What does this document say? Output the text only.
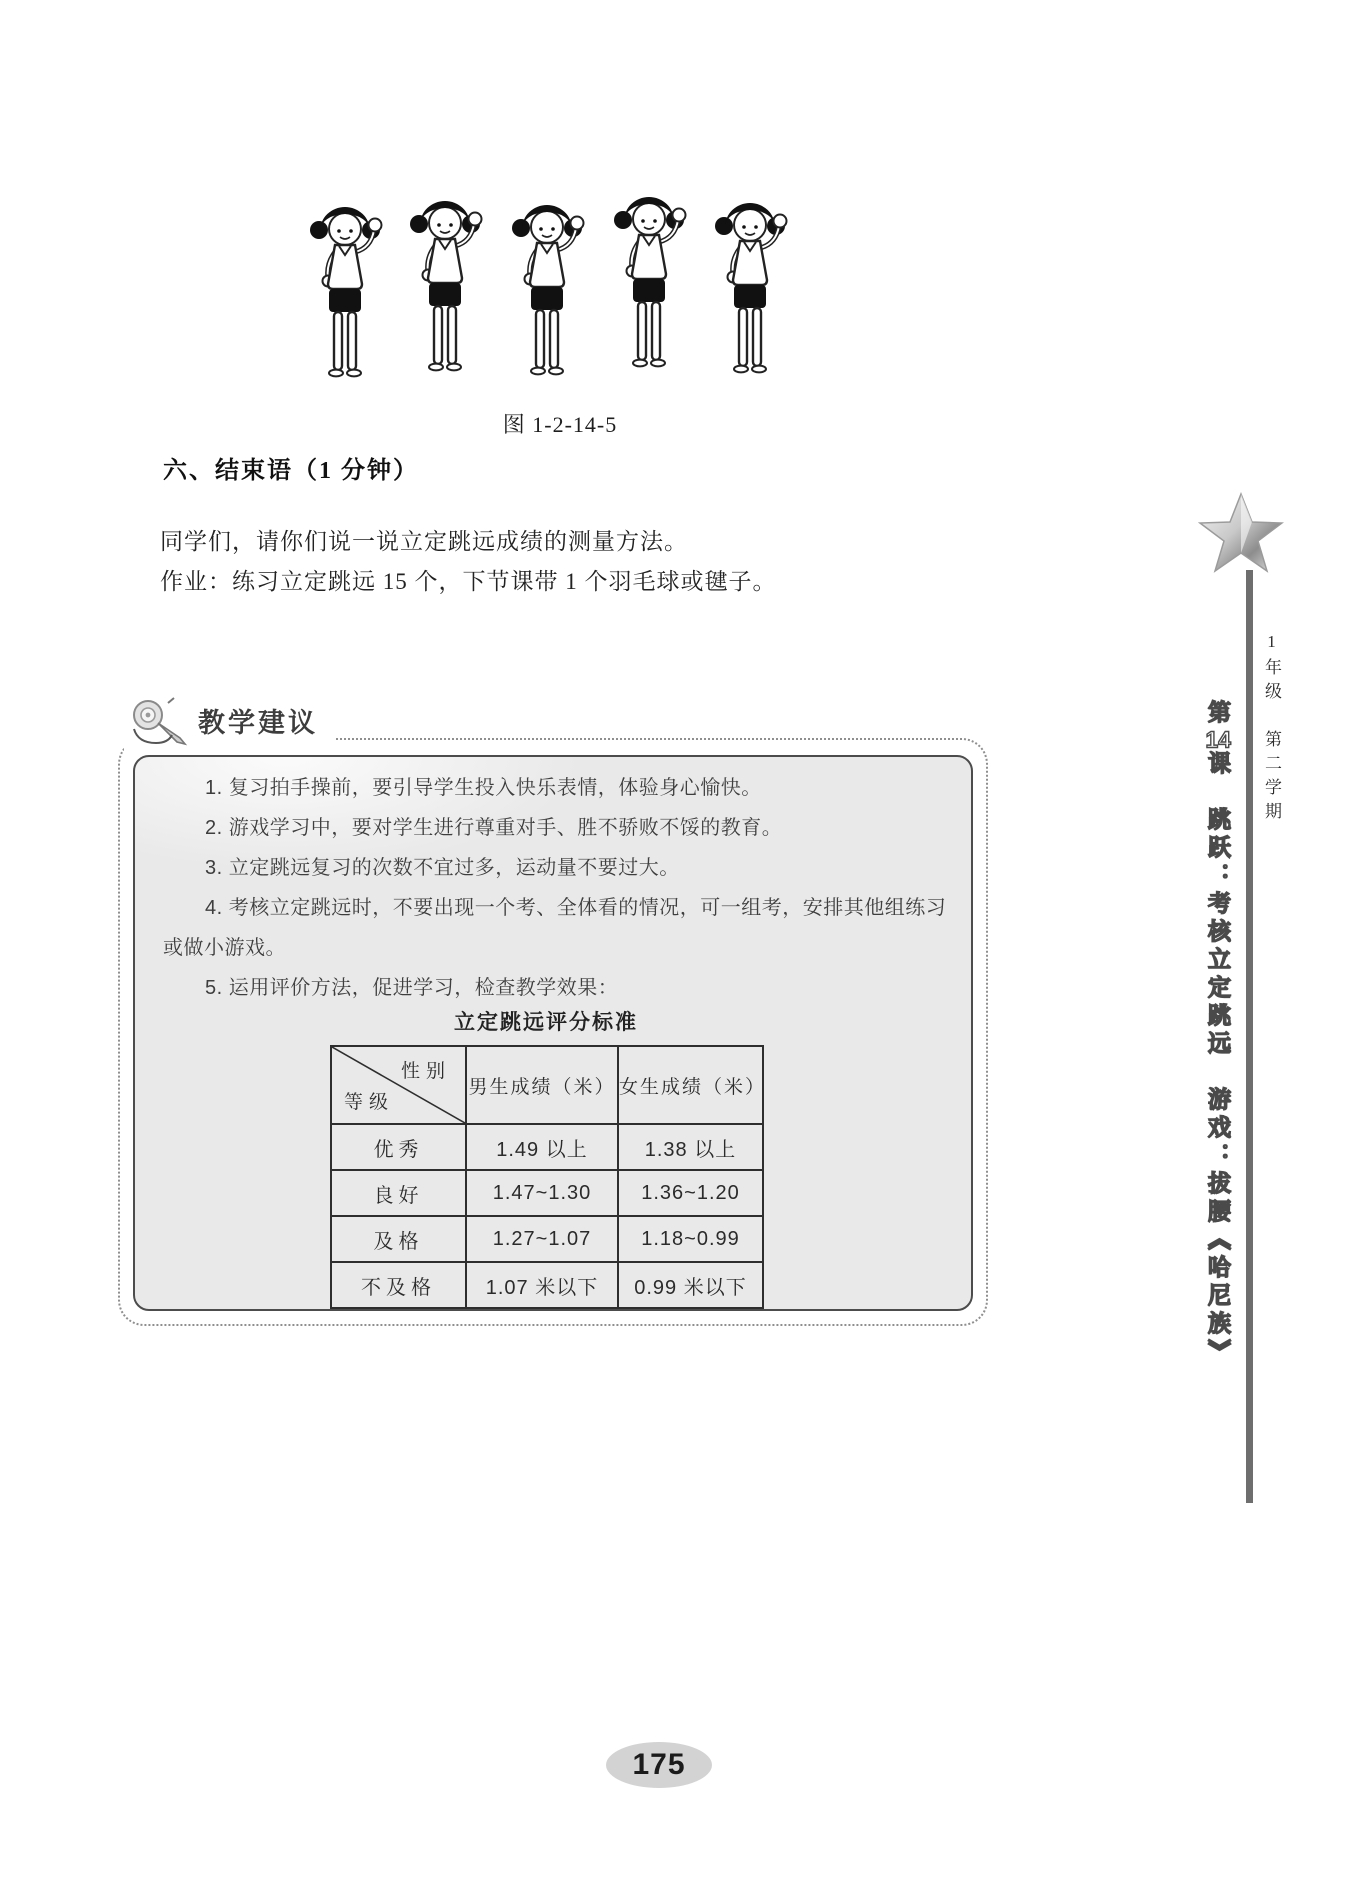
图 1-2-14-5
六、结束语（1 分钟）

同学们，请你们说一说立定跳远成绩的测量方法。

作业：练习立定跳远 15 个，下节课带 1 个羽毛球或毽子。

教学建议

1. 复习拍手操前，要引导学生投入快乐表情，体验身心愉快。

2. 游戏学习中，要对学生进行尊重对手、胜不骄败不馁的教育。

3. 立定跳远复习的次数不宜过多，运动量不要过大。

4. 考核立定跳远时，不要出现一个考、全体看的情况，可一组考，安排其他组练习或做小游戏。

5. 运用评价方法，促进学习，检查教学效果：

立定跳远评分标准
性别
等级	男生成绩（米）	女生成绩（米）
优秀	1.49 以上	1.38 以上
良好	1.47~1.30	1.36~1.20
及格	1.27~1.07	1.18~0.99
不及格	1.07 米以下	0.99 米以下
1年级　第二学期
第14课　跳跃：考核立定跳远　游戏：拔腰《哈尼族》
175
